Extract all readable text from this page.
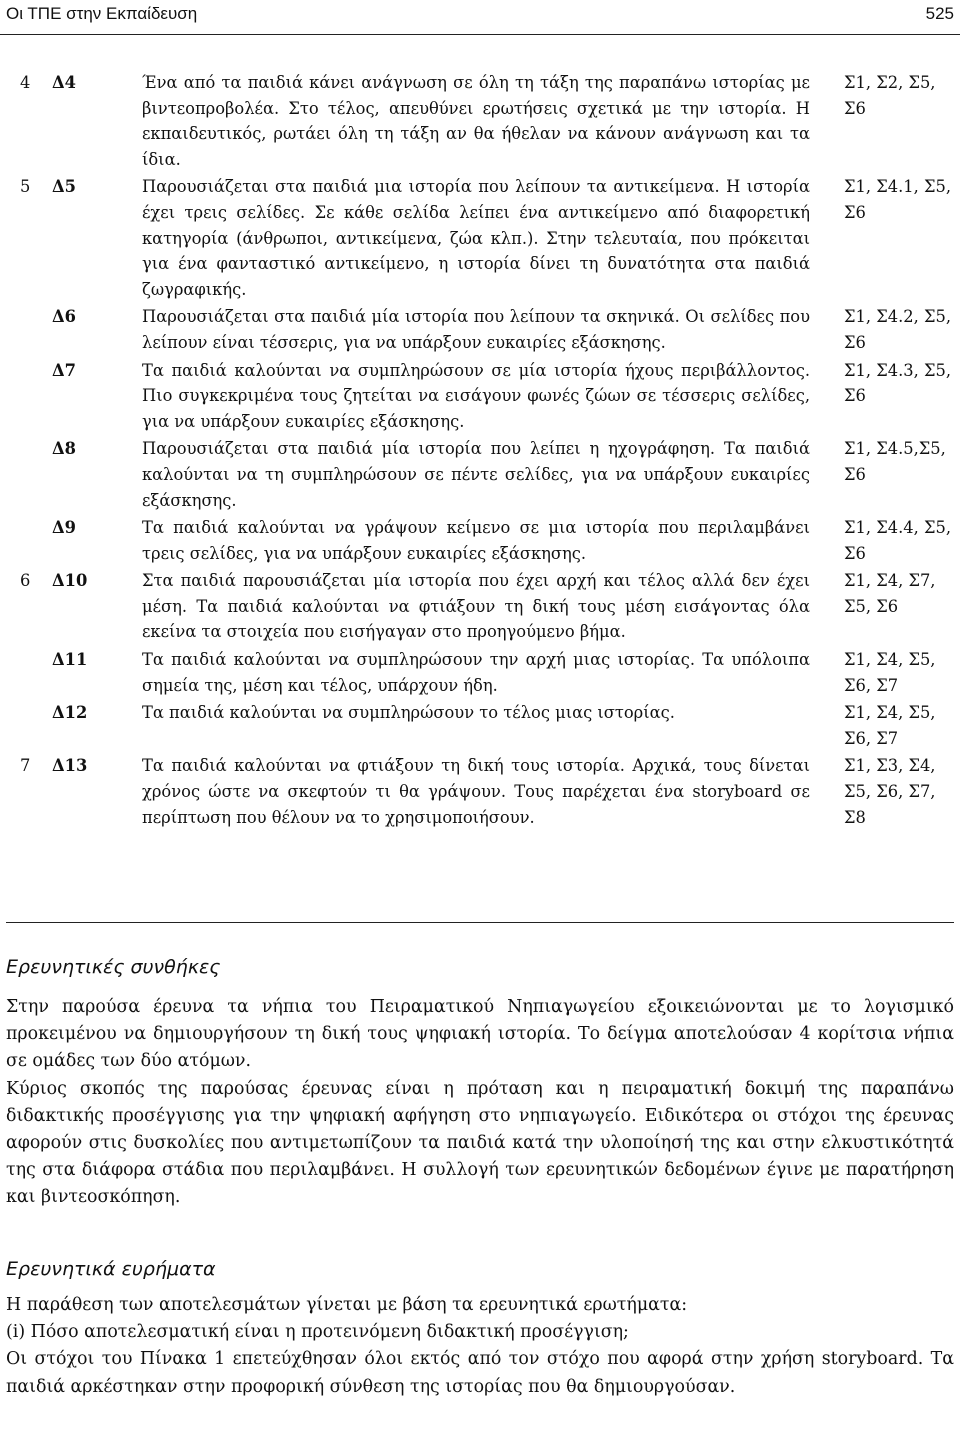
Οι ΤΠΕ στην Εκπαίδευση	525
4	Δ4	Ένα από τα παιδιά κάνει ανάγνωση σε όλη τη τάξη της παραπάνω ιστορίας με βιντεοπροβολέα. Στο τέλος, απευθύνει ερωτήσεις σχετικά με την ιστορία. Η εκπαιδευτικός, ρωτάει όλη τη τάξη αν θα ήθελαν να κάνουν ανάγνωση και τα ίδια.	Σ1, Σ2, Σ5, Σ6
5	Δ5	Παρουσιάζεται στα παιδιά μια ιστορία που λείπουν τα αντικείμενα. Η ιστορία έχει τρεις σελίδες. Σε κάθε σελίδα λείπει ένα αντικείμενο από διαφορετική κατηγορία (άνθρωποι, αντικείμενα, ζώα κλπ.). Στην τελευταία, που πρόκειται για ένα φανταστικό αντικείμενο, η ιστορία δίνει τη δυνατότητα στα παιδιά ζωγραφικής.	Σ1, Σ4.1, Σ5, Σ6
	Δ6	Παρουσιάζεται στα παιδιά μία ιστορία που λείπουν τα σκηνικά. Οι σελίδες που λείπουν είναι τέσσερις, για να υπάρξουν ευκαιρίες εξάσκησης.	Σ1, Σ4.2, Σ5, Σ6
	Δ7	Τα παιδιά καλούνται να συμπληρώσουν σε μία ιστορία ήχους περιβάλλοντος. Πιο συγκεκριμένα τους ζητείται να εισάγουν φωνές ζώων σε τέσσερις σελίδες, για να υπάρξουν ευκαιρίες εξάσκησης.	Σ1, Σ4.3, Σ5, Σ6
	Δ8	Παρουσιάζεται στα παιδιά μία ιστορία που λείπει η ηχογράφηση. Τα παιδιά καλούνται να τη συμπληρώσουν σε πέντε σελίδες, για να υπάρξουν ευκαιρίες εξάσκησης.	Σ1, Σ4.5,Σ5, Σ6
	Δ9	Τα παιδιά καλούνται να γράψουν κείμενο σε μια ιστορία που περιλαμβάνει τρεις σελίδες, για να υπάρξουν ευκαιρίες εξάσκησης.	Σ1, Σ4.4, Σ5, Σ6
6	Δ10	Στα παιδιά παρουσιάζεται μία ιστορία που έχει αρχή και τέλος αλλά δεν έχει μέση. Τα παιδιά καλούνται να φτιάξουν τη δική τους μέση εισάγοντας όλα εκείνα τα στοιχεία που εισήγαγαν στο προηγούμενο βήμα.	Σ1, Σ4, Σ7, Σ5, Σ6
	Δ11	Τα παιδιά καλούνται να συμπληρώσουν την αρχή μιας ιστορίας. Τα υπόλοιπα σημεία της, μέση και τέλος, υπάρχουν ήδη.	Σ1, Σ4, Σ5, Σ6, Σ7
	Δ12	Τα παιδιά καλούνται να συμπληρώσουν το τέλος μιας ιστορίας.	Σ1, Σ4, Σ5, Σ6, Σ7
7	Δ13	Τα παιδιά καλούνται να φτιάξουν τη δική τους ιστορία. Αρχικά, τους δίνεται χρόνος ώστε να σκεφτούν τι θα γράψουν. Τους παρέχεται ένα storyboard σε περίπτωση που θέλουν να το χρησιμοποιήσουν.	Σ1, Σ3, Σ4, Σ5, Σ6, Σ7, Σ8
Ερευνητικές συνθήκες

Στην παρούσα έρευνα τα νήπια του Πειραματικού Νηπιαγωγείου εξοικειώνονται με το λογισμικό προκειμένου να δημιουργήσουν τη δική τους ψηφιακή ιστορία. Το δείγμα αποτελούσαν 4 κορίτσια νήπια σε ομάδες των δύο ατόμων.

Κύριος σκοπός της παρούσας έρευνας είναι η πρόταση και η πειραματική δοκιμή της παραπάνω διδακτικής προσέγγισης για την ψηφιακή αφήγηση στο νηπιαγωγείο. Ειδικότερα οι στόχοι της έρευνας αφορούν στις δυσκολίες που αντιμετωπίζουν τα παιδιά κατά την υλοποίησή της και στην ελκυστικότητά της στα διάφορα στάδια που περιλαμβάνει. Η συλλογή των ερευνητικών δεδομένων έγινε με παρατήρηση και βιντεοσκόπηση.

Ερευνητικά ευρήματα

Η παράθεση των αποτελεσμάτων γίνεται με βάση τα ερευνητικά ερωτήματα:

(i) Πόσο αποτελεσματική είναι η προτεινόμενη διδακτική προσέγγιση;

Οι στόχοι του Πίνακα 1 επετεύχθησαν όλοι εκτός από τον στόχο που αφορά στην χρήση storyboard. Τα παιδιά αρκέστηκαν στην προφορική σύνθεση της ιστορίας που θα δημιουργούσαν.
